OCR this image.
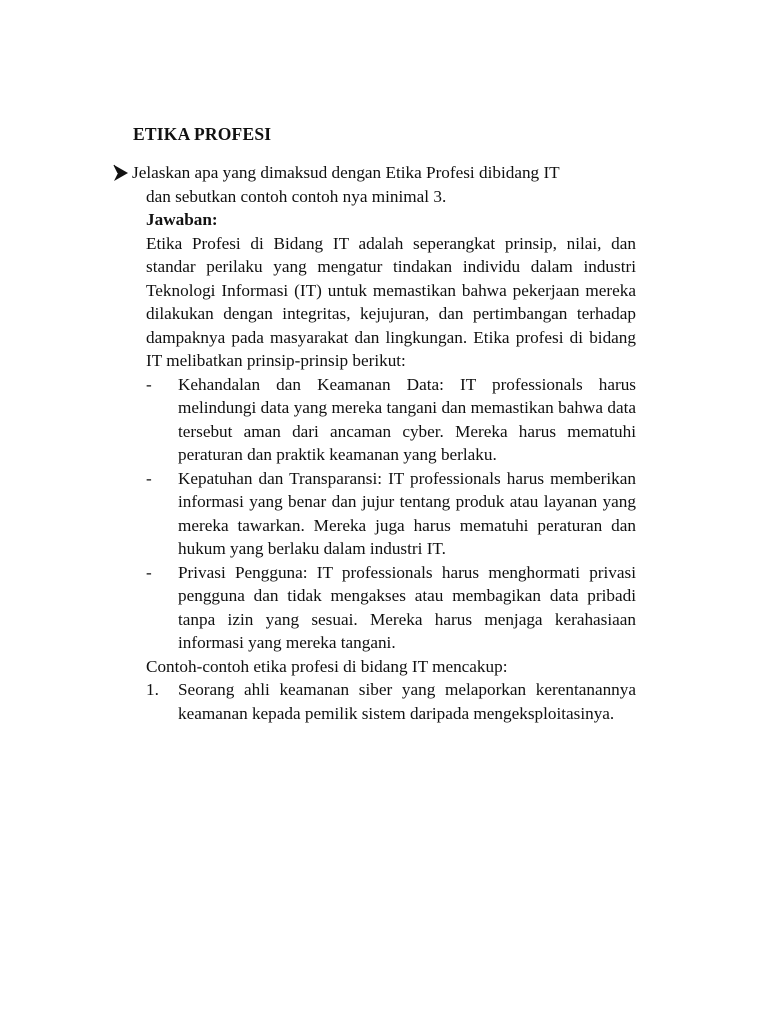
ETIKA PROFESI
Jelaskan apa yang dimaksud dengan Etika Profesi dibidang IT
dan sebutkan contoh contoh nya minimal 3.
Jawaban:
Etika Profesi di Bidang IT adalah seperangkat prinsip, nilai, dan standar perilaku yang mengatur tindakan individu dalam industri Teknologi Informasi (IT) untuk memastikan bahwa pekerjaan mereka dilakukan dengan integritas, kejujuran, dan pertimbangan terhadap dampaknya pada masyarakat dan lingkungan. Etika profesi di bidang IT melibatkan prinsip-prinsip berikut:
- Kehandalan dan Keamanan Data: IT professionals harus melindungi data yang mereka tangani dan memastikan bahwa data tersebut aman dari ancaman cyber. Mereka harus mematuhi peraturan dan praktik keamanan yang berlaku.
- Kepatuhan dan Transparansi: IT professionals harus memberikan informasi yang benar dan jujur tentang produk atau layanan yang mereka tawarkan. Mereka juga harus mematuhi peraturan dan hukum yang berlaku dalam industri IT.
- Privasi Pengguna: IT professionals harus menghormati privasi pengguna dan tidak mengakses atau membagikan data pribadi tanpa izin yang sesuai. Mereka harus menjaga kerahasiaan informasi yang mereka tangani.
Contoh-contoh etika profesi di bidang IT mencakup:
1. Seorang ahli keamanan siber yang melaporkan kerentanannya keamanan kepada pemilik sistem daripada mengeksploitasinya.
